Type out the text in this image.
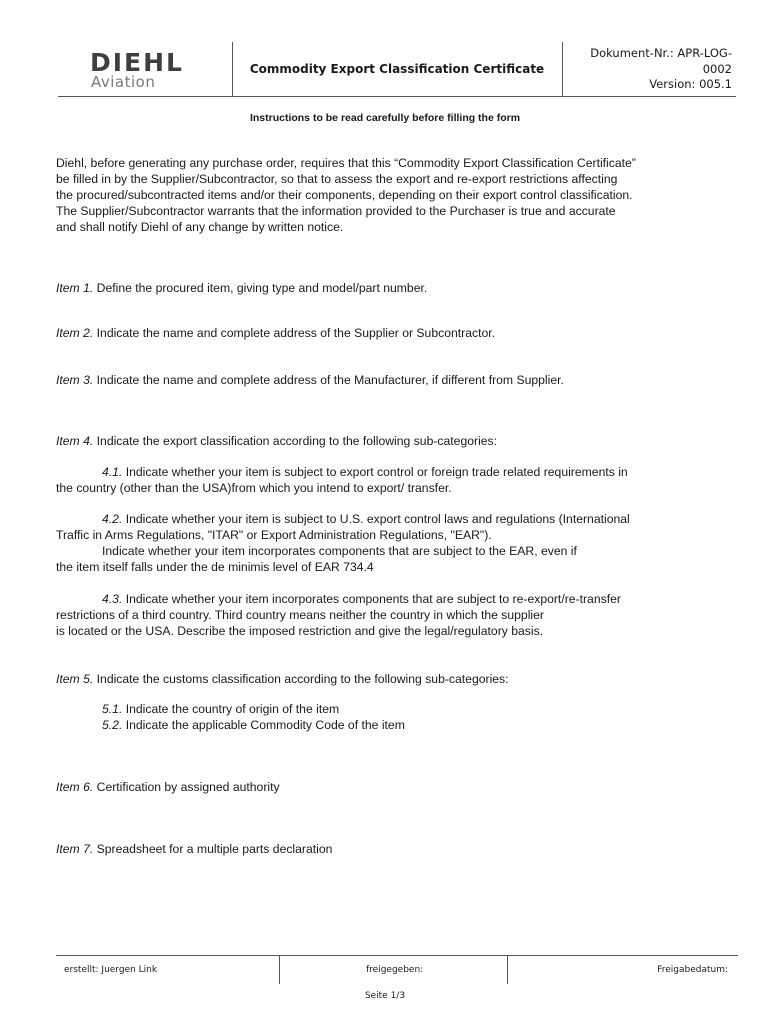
DIEHL
Aviation
Commodity Export Classification Certificate
Dokument-Nr.: APR-LOG-
0002
Version: 005.1
Instructions to be read carefully before filling the form
Diehl, before generating any purchase order, requires that this “Commodity Export Classification Certificate”
be filled in by the Supplier/Subcontractor, so that to assess the export and re-export restrictions affecting
the procured/subcontracted items and/or their components, depending on their export control classification.
The Supplier/Subcontractor warrants that the information provided to the Purchaser is true and accurate
and shall notify Diehl of any change by written notice.
Item 1. Define the procured item, giving type and model/part number.
Item 2. Indicate the name and complete address of the Supplier or Subcontractor.
Item 3. Indicate the name and complete address of the Manufacturer, if different from Supplier.
Item 4. Indicate the export classification according to the following sub-categories:
4.1. Indicate whether your item is subject to export control or foreign trade related requirements in
the country (other than the USA)from which you intend to export/ transfer.
4.2. Indicate whether your item is subject to U.S. export control laws and regulations (International
Traffic in Arms Regulations, "ITAR" or Export Administration Regulations, "EAR").
Indicate whether your item incorporates components that are subject to the EAR, even if
the item itself falls under the de minimis level of EAR 734.4
4.3. Indicate whether your item incorporates components that are subject to re-export/re-transfer
restrictions of a third country. Third country means neither the country in which the supplier
is located or the USA. Describe the imposed restriction and give the legal/regulatory basis.
Item 5. Indicate the customs classification according to the following sub-categories:
5.1. Indicate the country of origin of the item
5.2. Indicate the applicable Commodity Code of the item
Item 6. Certification by assigned authority
Item 7. Spreadsheet for a multiple parts declaration
erstellt: Juergen Link	freigegeben:	Freigabedatum:
Seite 1/3
